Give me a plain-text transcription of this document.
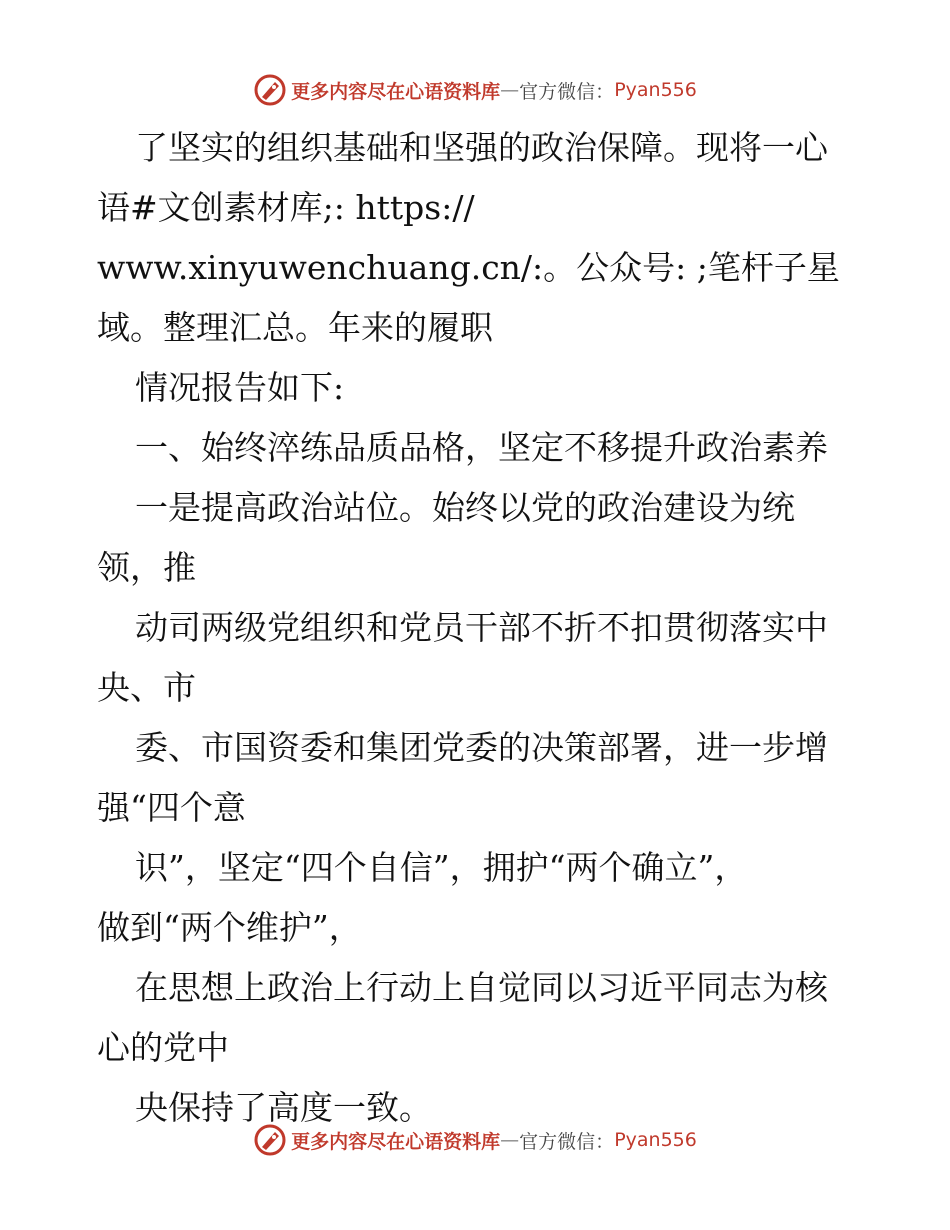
更多内容尽在心语资料库 — 官方微信： Pyan556
了坚实的组织基础和坚强的政治保障。现将一心
语#文创素材库;: https://
www.xinyuwenchuang.cn/:。公众号: ;笔杆子星
域。整理汇总。年来的履职
情况报告如下:
一、始终淬练品质品格，坚定不移提升政治素养
一是提高政治站位。始终以党的政治建设为统
领，推
动司两级党组织和党员干部不折不扣贯彻落实中
央、市
委、市国资委和集团党委的决策部署，进一步增
强“四个意
识”，坚定“四个自信”，拥护“两个确立”，
做到“两个维护”，
在思想上政治上行动上自觉同以习近平同志为核
心的党中
央保持了高度一致。
更多内容尽在心语资料库 — 官方微信： Pyan556
